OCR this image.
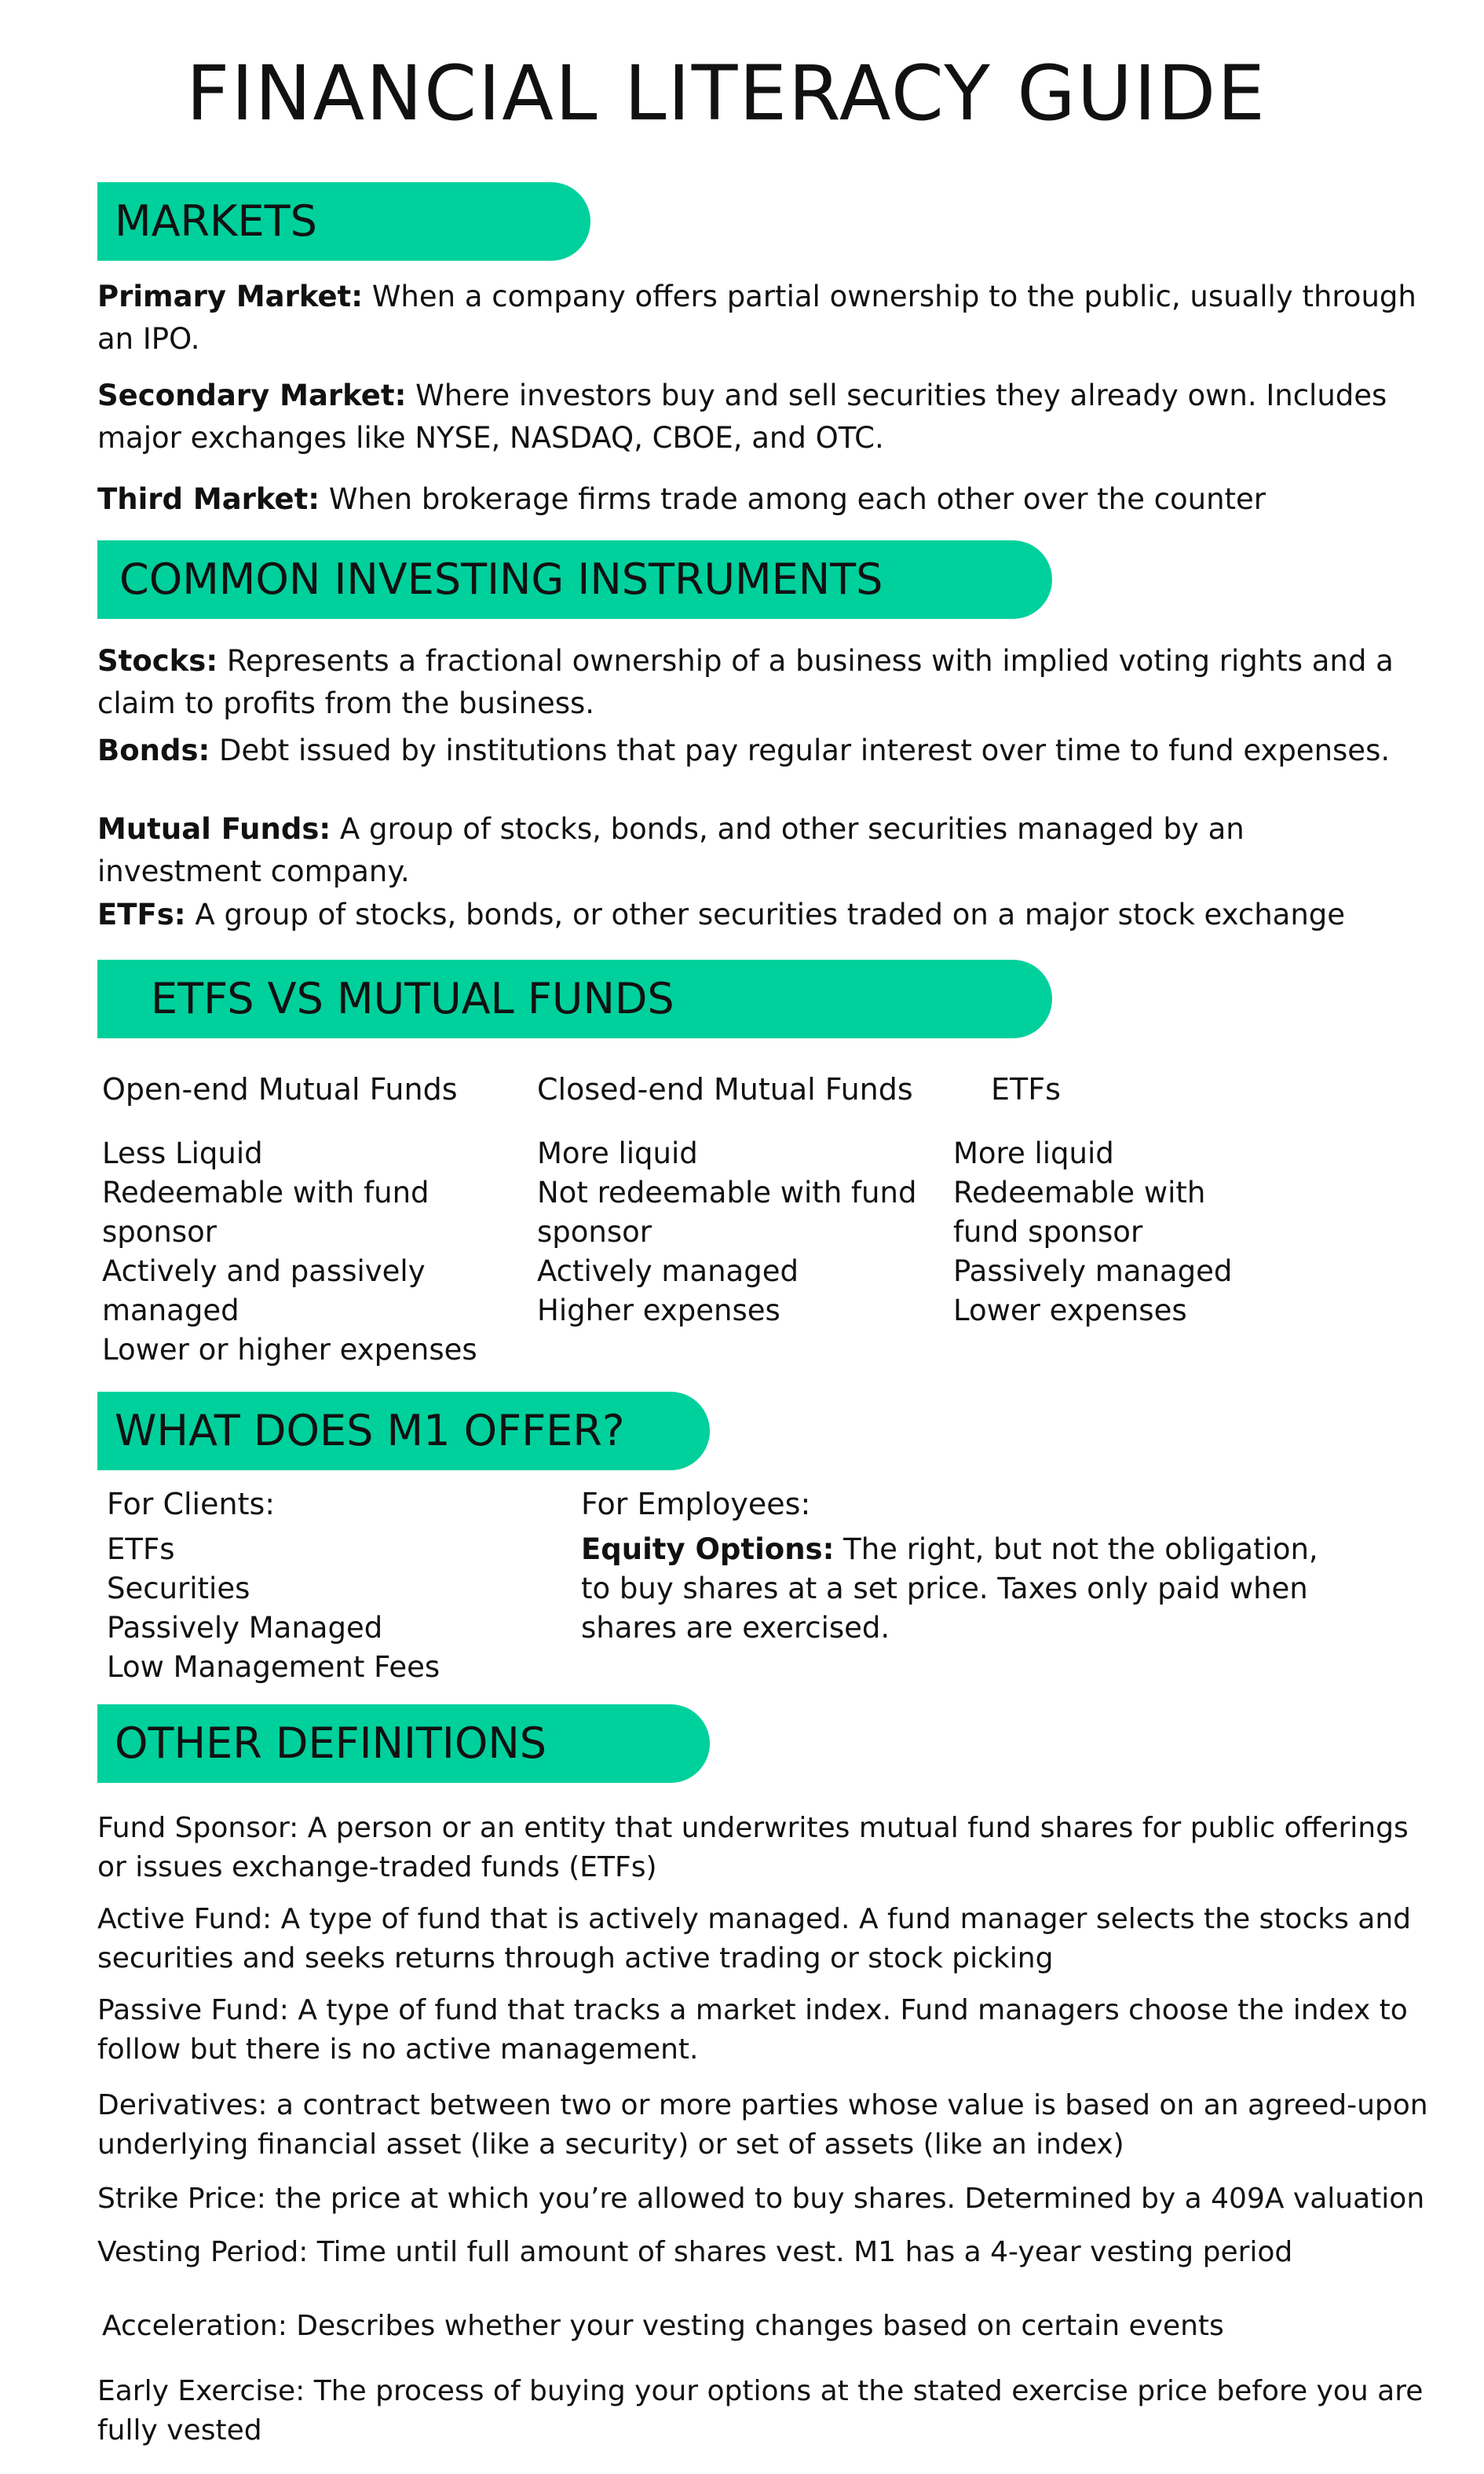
FINANCIAL LITERACY GUIDE
MARKETS
Primary Market: When a company offers partial ownership to the public, usually through an IPO.
Secondary Market: Where investors buy and sell securities they already own. Includes major exchanges like NYSE, NASDAQ, CBOE, and OTC.
Third Market: When brokerage firms trade among each other over the counter
COMMON INVESTING INSTRUMENTS
Stocks: Represents a fractional ownership of a business with implied voting rights and a claim to profits from the business.
Bonds: Debt issued by institutions that pay regular interest over time to fund expenses.
Mutual Funds: A group of stocks, bonds, and other securities managed by an investment company.
ETFs: A group of stocks, bonds, or other securities traded on a major stock exchange
ETFS VS MUTUAL FUNDS
Open-end Mutual Funds	Closed-end Mutual Funds	ETFs
Less Liquid
Redeemable with fund sponsor
Actively and passively managed
Lower or higher expenses
More liquid
Not redeemable with fund sponsor
Actively managed
Higher expenses
More liquid
Redeemable with fund sponsor
Passively managed
Lower expenses
WHAT DOES M1 OFFER?
For Clients:
ETFs
Securities
Passively Managed
Low Management Fees
For Employees:
Equity Options: The right, but not the obligation, to buy shares at a set price. Taxes only paid when shares are exercised.
OTHER DEFINITIONS
Fund Sponsor: A person or an entity that underwrites mutual fund shares for public offerings or issues exchange-traded funds (ETFs)
Active Fund: A type of fund that is actively managed. A fund manager selects the stocks and securities and seeks returns through active trading or stock picking
Passive Fund: A type of fund that tracks a market index. Fund managers choose the index to follow but there is no active management.
Derivatives: a contract between two or more parties whose value is based on an agreed-upon underlying financial asset (like a security) or set of assets (like an index)
Strike Price: the price at which you’re allowed to buy shares. Determined by a 409A valuation
Vesting Period: Time until full amount of shares vest. M1 has a 4-year vesting period
Acceleration: Describes whether your vesting changes based on certain events
Early Exercise: The process of buying your options at the stated exercise price before you are fully vested
